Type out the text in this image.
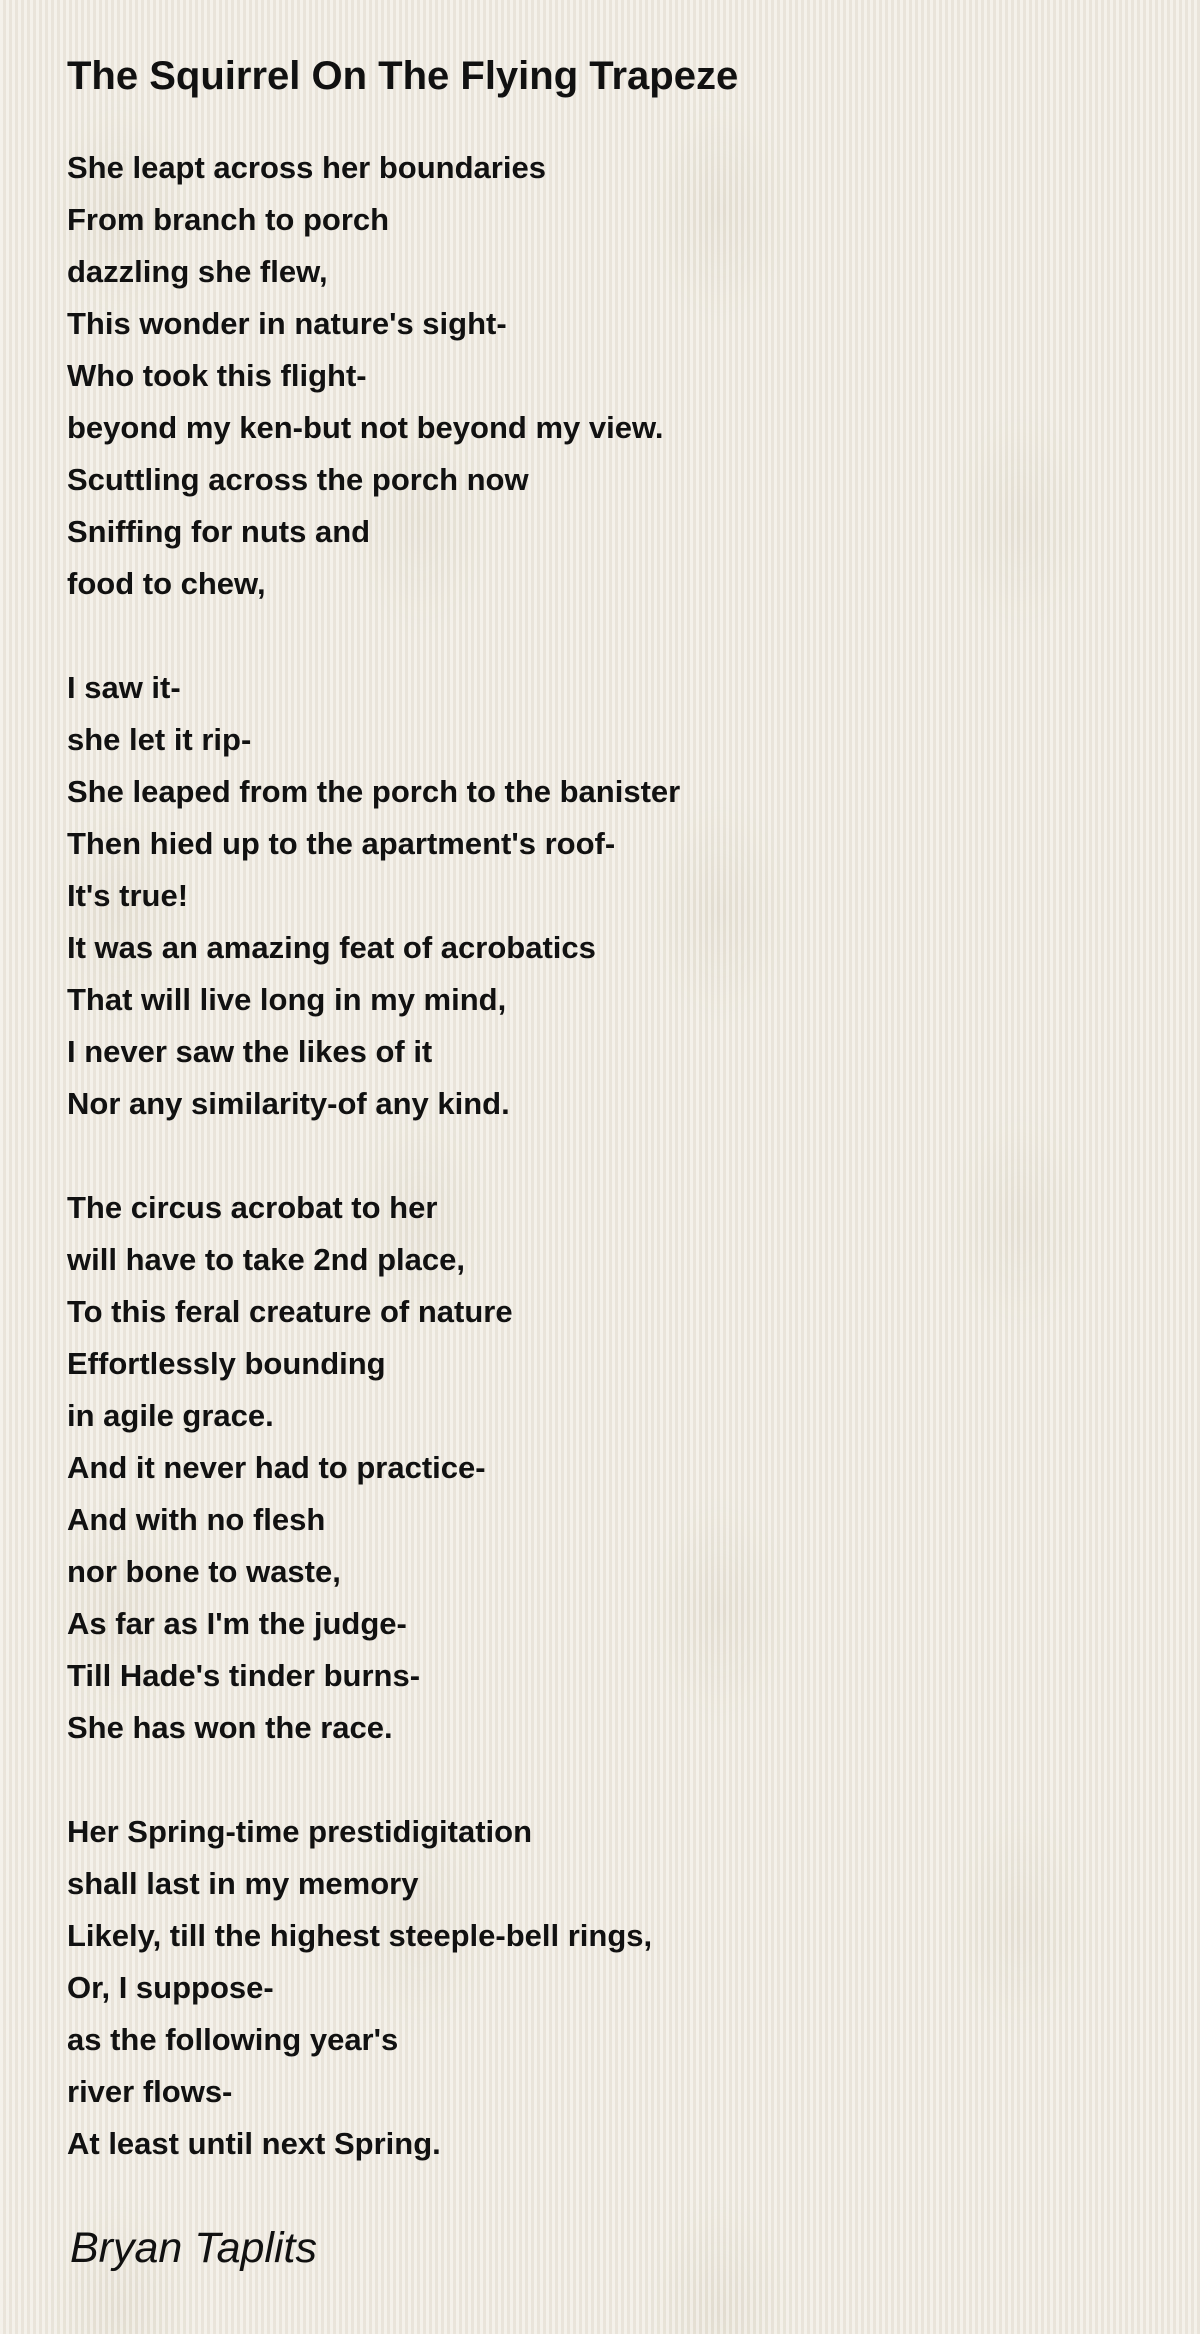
The Squirrel On The Flying Trapeze
She leapt across her boundaries
From branch to porch
dazzling she flew,
This wonder in nature's sight-
Who took this flight-
beyond my ken-but not beyond my view.
Scuttling across the porch now
Sniffing for nuts and
food to chew,
I saw it-
she let it rip-
She leaped from the porch to the banister
Then hied up to the apartment's roof-
It's true!
It was an amazing feat of acrobatics
That will live long in my mind,
I never saw the likes of it
Nor any similarity-of any kind.
The circus acrobat to her
will have to take 2nd place,
To this feral creature of nature
Effortlessly bounding
in agile grace.
And it never had to practice-
And with no flesh
nor bone to waste,
As far as I'm the judge-
Till Hade's tinder burns-
She has won the race.
Her Spring-time prestidigitation
shall last in my memory
Likely, till the highest steeple-bell rings,
Or, I suppose-
as the following year's
river flows-
At least until next Spring.
Bryan Taplits
